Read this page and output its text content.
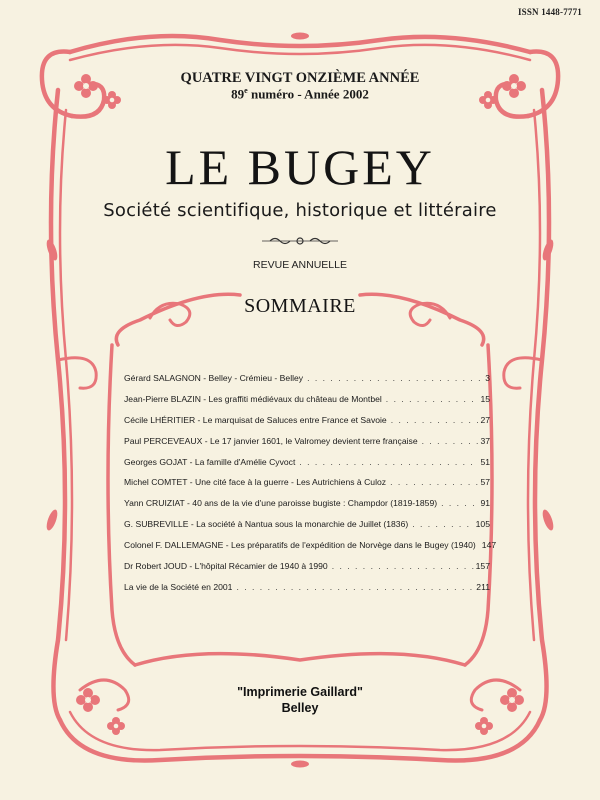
ISSN 1448-7771
QUATRE VINGT ONZIÈME ANNÉE
89e numéro - Année 2002
LE BUGEY
Société scientifique, historique et littéraire
REVUE ANNUELLE
SOMMAIRE
Gérard SALAGNON - Belley - Crémieu - Belley . . .	3
Jean-Pierre BLAZIN - Les graffiti médiévaux du château de Montbel . . .	15
Cécile LHÉRITIER - Le marquisat de Saluces entre France et Savoie . . .	27
Paul PERCEVEAUX - Le 17 janvier 1601, le Valromey devient terre française . . .	37
Georges GOJAT - La famille d'Amélie Cyvoct . . .	51
Michel COMTET - Une cité face à la guerre - Les Autrichiens à Culoz . . .	57
Yann CRUIZIAT - 40 ans de la vie d'une paroisse bugiste : Champdor (1819-1859) . . .	91
G. SUBREVILLE - La société à Nantua sous la monarchie de Juillet (1836) . . .	105
Colonel F. DALLEMAGNE - Les préparatifs de l'expédition de Norvège dans le Bugey (1940) 147
Dr Robert JOUD - L'hôpital Récamier de 1940 à 1990 . . .	157
La vie de la Société en 2001 . . .	211
"Imprimerie Gaillard"
Belley
